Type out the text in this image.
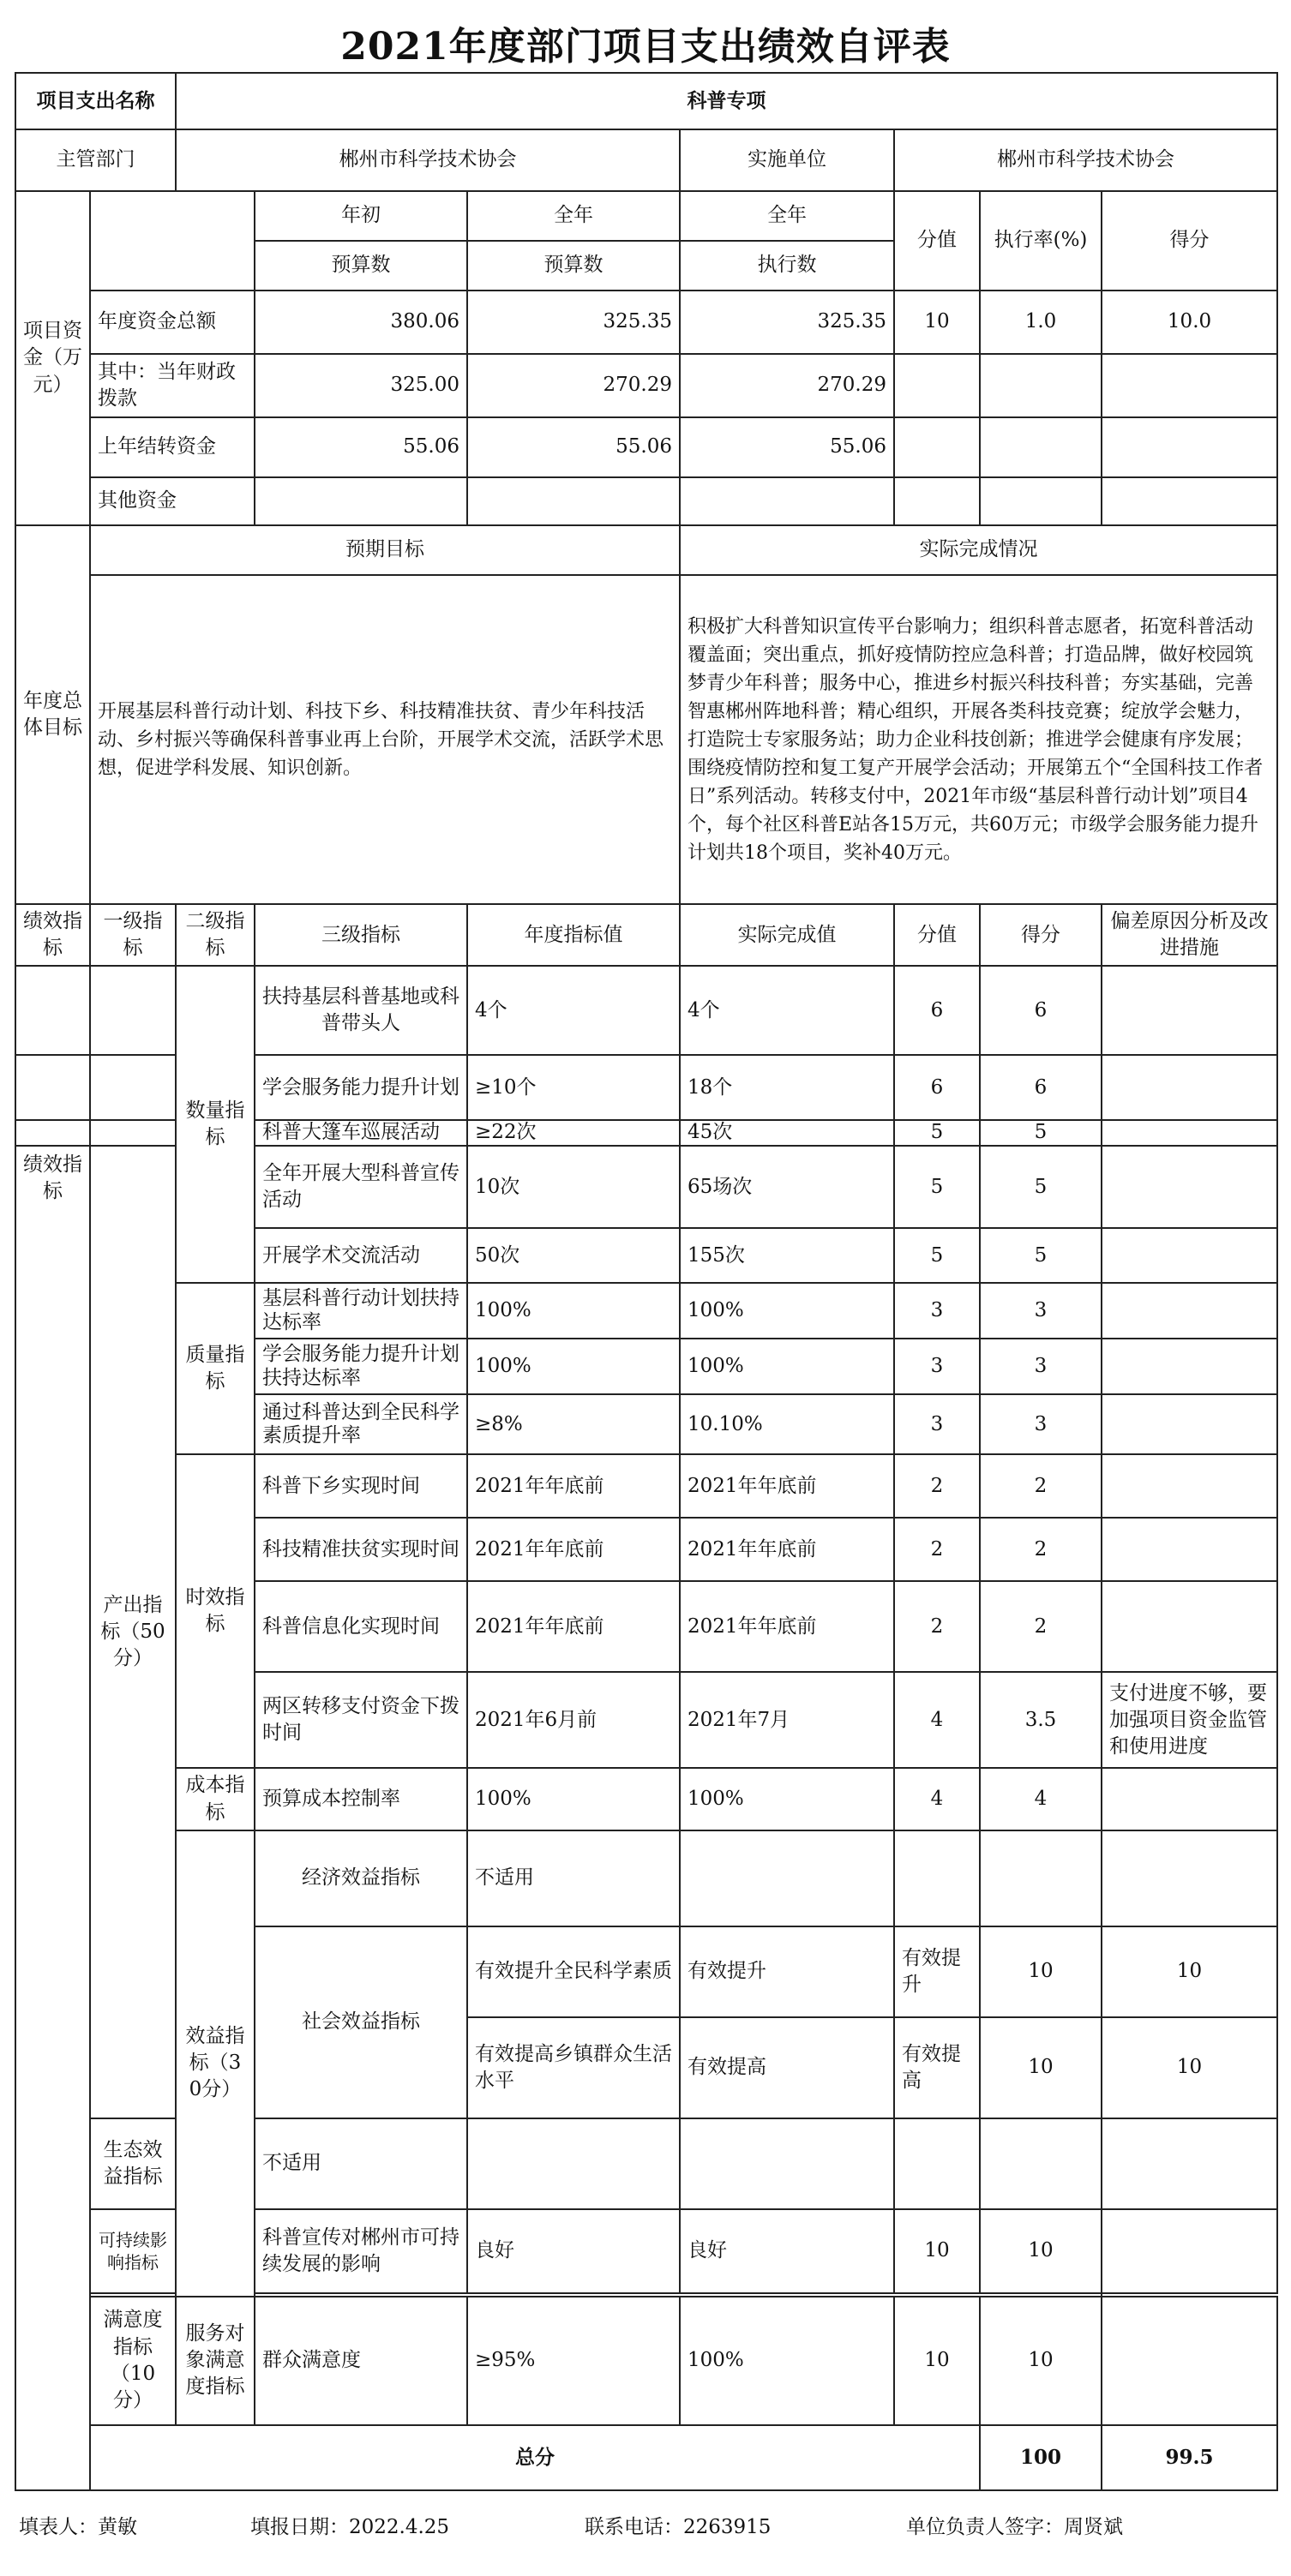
2021年度部门项目支出绩效自评表
项目支出名称		科普专项							
主管部门		郴州市科学技术协会			实施单位	郴州市科学技术协会			
项目资金（万元）			年初	全年	全年	分值	执行率(%)	得分	
			预算数	预算数	执行数				
	年度资金总额		380.06	325.35	325.35	10	1.0	10.0	
	其中：当年财政拨款		325.00	270.29	270.29				
	上年结转资金		55.06	55.06	55.06				
	其他资金								
年度总体目标	预期目标				实际完成情况				
	开展基层科普行动计划、科技下乡、科技精准扶贫、青少年科技活动、乡村振兴等确保科普事业再上台阶，开展学术交流，活跃学术思想，促进学科发展、知识创新。				积极扩大科普知识宣传平台影响力；组织科普志愿者，拓宽科普活动覆盖面；突出重点，抓好疫情防控应急科普；打造品牌，做好校园筑梦青少年科普；服务中心，推进乡村振兴科技科普；夯实基础，完善智惠郴州阵地科普；精心组织，开展各类科技竞赛；绽放学会魅力，打造院士专家服务站；助力企业科技创新；推进学会健康有序发展；围绕疫情防控和复工复产开展学会活动；开展第五个“全国科技工作者日”系列活动。转移支付中，2021年市级“基层科普行动计划”项目4个，每个社区科普E站各15万元，共60万元；市级学会服务能力提升计划共18个项目，奖补40万元。				
绩效指标	一级指标	二级指标	三级指标	年度指标值	实际完成值	分值	得分	偏差原因分析及改进措施	
		数量指标	扶持基层科普基地或科普带头人	4个	4个	6	6		
			学会服务能力提升计划	≥10个	18个	6	6		
			科普大篷车巡展活动	≥22次	45次	5	5		
绩效指标	产出指标（50分）		全年开展大型科普宣传活动	10次	65场次	5	5		
			开展学术交流活动	50次	155次	5	5		
		质量指标	基层科普行动计划扶持达标率	100%	100%	3	3		
			学会服务能力提升计划扶持达标率	100%	100%	3	3		
			通过科普达到全民科学素质提升率	≥8%	10.10%	3	3		
		时效指标	科普下乡实现时间	2021年年底前	2021年年底前	2	2		
			科技精准扶贫实现时间	2021年年底前	2021年年底前	2	2		
			科普信息化实现时间	2021年年底前	2021年年底前	2	2		
			两区转移支付资金下拨时间	2021年6月前	2021年7月	4	3.5	支付进度不够，要加强项目资金监管和使用进度	
		成本指标	预算成本控制率	100%	100%	4	4		
		效益指标（30分）	经济效益指标	不适用					
			社会效益指标	有效提升全民科学素质	有效提升	有效提升	10	10	
				有效提高乡镇群众生活水平	有效提高	有效提高	10	10	
	生态效益指标		不适用						
	可持续影响指标		科普宣传对郴州市可持续发展的影响	良好	良好	10	10		

	满意度指标（10分）	服务对象满意度指标	群众满意度	≥95%	100%	10	10		
	总分						100	99.5	
填表人：黄敏	填报日期：2022.4.25	联系电话：2263915	单位负责人签字：周贤斌
